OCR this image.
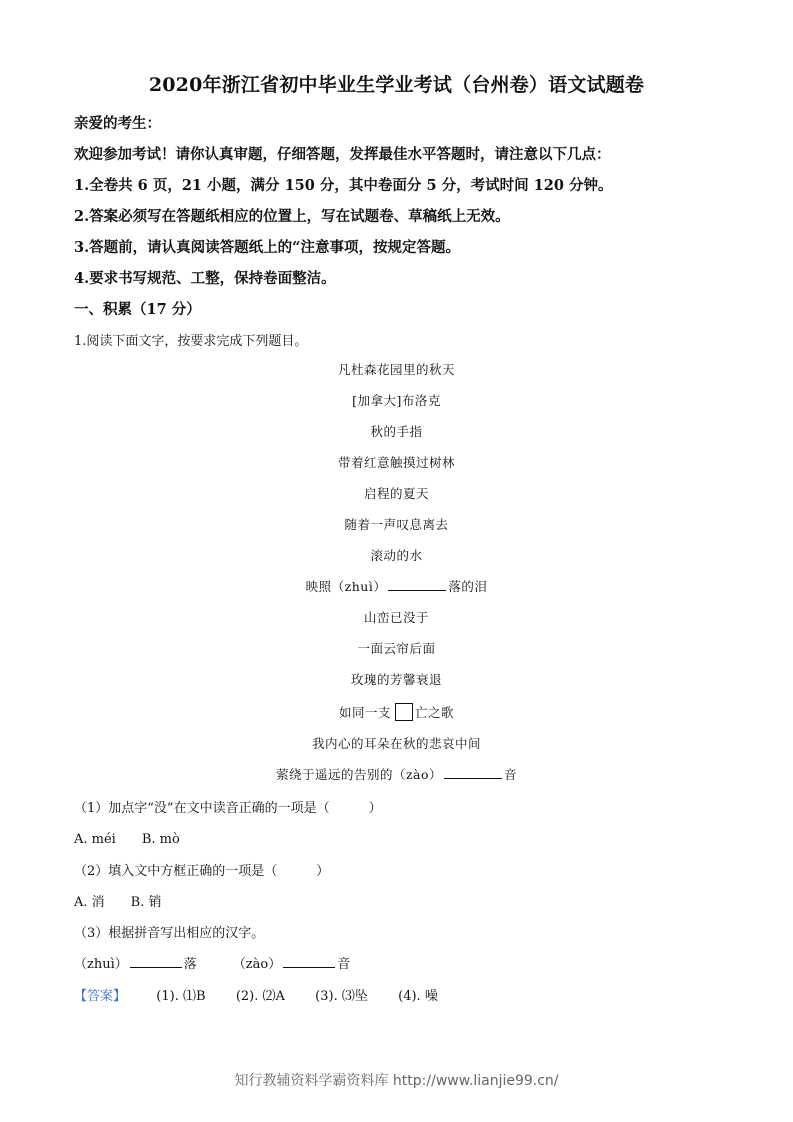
2020年浙江省初中毕业生学业考试（台州卷）语文试题卷
亲爱的考生：
欢迎参加考试！请你认真审题，仔细答题，发挥最佳水平答题时，请注意以下几点：
1.全卷共 6 页，21 小题，满分 150 分，其中卷面分 5 分，考试时间 120 分钟。
2.答案必须写在答题纸相应的位置上，写在试题卷、草稿纸上无效。
3.答题前，请认真阅读答题纸上的“注意事项，按规定答题。
4.要求书写规范、工整，保持卷面整洁。
一、积累（17 分）
1.阅读下面文字，按要求完成下列题目。
凡杜森花园里的秋天
[加拿大]布洛克
秋的手指
带着红意触摸过树林
启程的夏天
随着一声叹息离去
滚动的水
映照（zhuì）	落的泪
山峦已没于
一面云帘后面
玫瑰的芳馨衰退
如同一支 亡之歌
我内心的耳朵在秋的悲哀中间
萦绕于遥远的告别的（zào）	音
（1）加点字“没”在文中读音正确的一项是（　　　）
A. méi　　B. mò
（2）填入文中方框正确的一项是（　　　）
A. 消　　B. 销
（3）根据拼音写出相应的汉字。
（zhuì）	落	（zào）	音
【答案】 (1). ⑴B (2). ⑵A (3). ⑶坠 (4). 噪
知行教辅资料学霸资料库 http://www.lianjie99.cn/
